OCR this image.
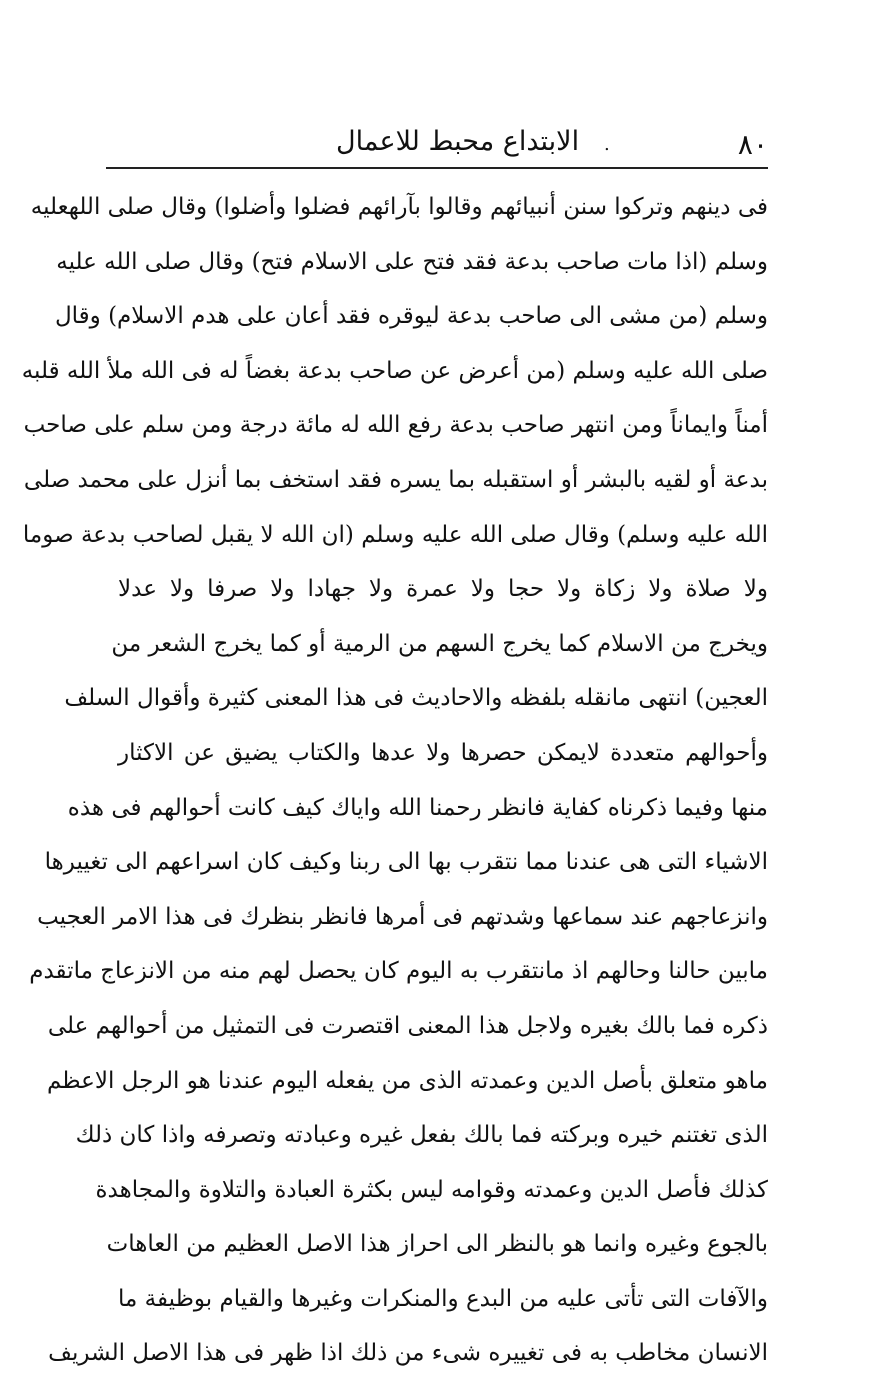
٨٠
.
الابتداع محبط للاعمال
فى دينهم وتركوا سنن أنبيائهم وقالوا بآرائهم فضلوا وأضلوا) وقال صلى اللهعليه
وسلم (اذا مات صاحب بدعة فقد فتح على الاسلام فتح) وقال صلى الله عليه
وسلم (من مشى الى صاحب بدعة ليوقره فقد أعان على هدم الاسلام) وقال
صلى الله عليه وسلم (من أعرض عن صاحب بدعة بغضاً له فى الله ملأ الله قلبه
أمناً وايماناً ومن انتهر صاحب بدعة رفع الله له مائة درجة ومن سلم على صاحب
بدعة أو لقيه بالبشر أو استقبله بما يسره فقد استخف بما أنزل على محمد صلى
الله عليه وسلم) وقال صلى الله عليه وسلم (ان الله لا يقبل لصاحب بدعة صوما
ولا صلاة ولا زكاة ولا حجا ولا عمرة ولا جهادا ولا صرفا ولا عدلا
ويخرج من الاسلام كما يخرج السهم من الرمية أو كما يخرج الشعر من
العجين) انتهى مانقله بلفظه والاحاديث فى هذا المعنى كثيرة وأقوال السلف
وأحوالهم متعددة لايمكن حصرها ولا عدها والكتاب يضيق عن الاكثار
منها وفيما ذكرناه كفاية فانظر رحمنا الله واياك كيف كانت أحوالهم فى هذه
الاشياء التى هى عندنا مما نتقرب بها الى ربنا وكيف كان اسراعهم الى تغييرها
وانزعاجهم عند سماعها وشدتهم فى أمرها فانظر بنظرك فى هذا الامر العجيب
مابين حالنا وحالهم اذ مانتقرب به اليوم كان يحصل لهم منه من الانزعاج ماتقدم
ذكره فما بالك بغيره ولاجل هذا المعنى اقتصرت فى التمثيل من أحوالهم على
ماهو متعلق بأصل الدين وعمدته الذى من يفعله اليوم عندنا هو الرجل الاعظم
الذى تغتنم خيره وبركته فما بالك بفعل غيره وعبادته وتصرفه واذا كان ذلك
كذلك فأصل الدين وعمدته وقوامه ليس بكثرة العبادة والتلاوة والمجاهدة
بالجوع وغيره وانما هو بالنظر الى احراز هذا الاصل العظيم من العاهات
والآفات التى تأتى عليه من البدع والمنكرات وغيرها والقيام بوظيفة ما
الانسان مخاطب به فى تغييره شىء من ذلك اذا ظهر فى هذا الاصل الشريف
